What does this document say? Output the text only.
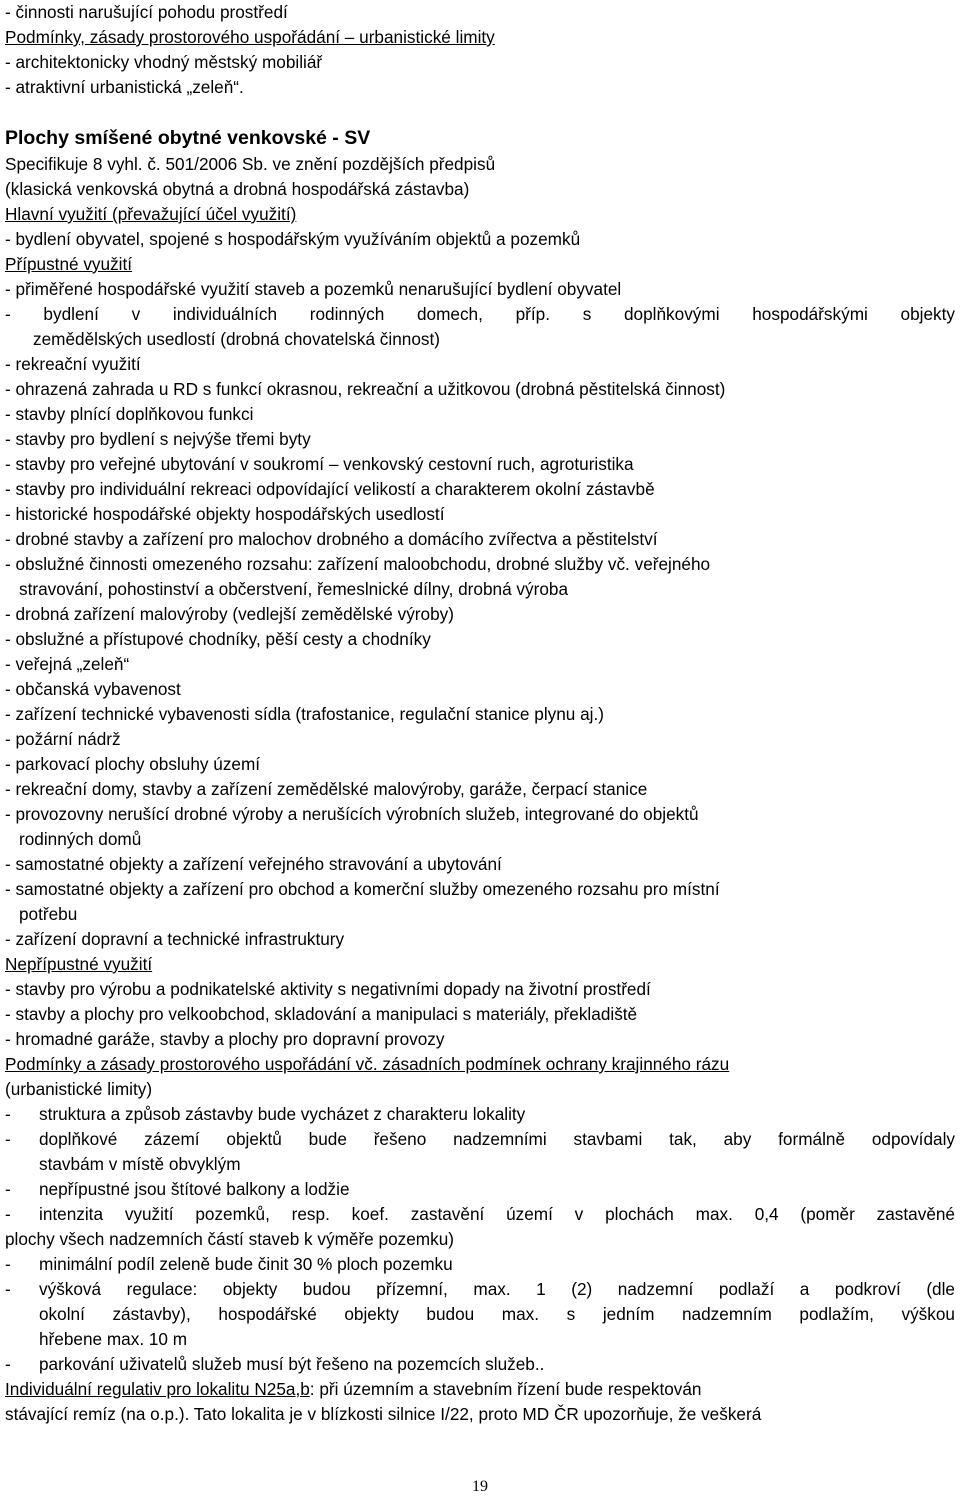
- činnosti narušující pohodu prostředí
Podmínky, zásady prostorového uspořádání – urbanistické limity
- architektonicky vhodný městský mobiliář
- atraktivní urbanistická „zeleň“.
Plochy smíšené obytné venkovské - SV
Specifikuje 8 vyhl. č. 501/2006 Sb. ve znění pozdějších předpisů
(klasická venkovská obytná a drobná hospodářská zástavba)
Hlavní využití (převažující účel využití)
- bydlení obyvatel, spojené s hospodářským využíváním objektů a pozemků
Přípustné využití
- přiměřené hospodářské využití staveb a pozemků nenarušující bydlení obyvatel
- bydlení v individuálních rodinných domech, příp. s doplňkovými hospodářskými objekty
zemědělských usedlostí (drobná chovatelská činnost)
- rekreační využití
- ohrazená zahrada u RD s funkcí okrasnou, rekreační a užitkovou (drobná pěstitelská činnost)
- stavby plnící doplňkovou funkci
- stavby pro bydlení s nejvýše třemi byty
- stavby pro veřejné ubytování v soukromí – venkovský cestovní ruch, agroturistika
- stavby pro individuální rekreaci odpovídající velikostí a charakterem okolní zástavbě
- historické hospodářské objekty hospodářských usedlostí
- drobné stavby a zařízení pro malochov drobného a domácího zvířectva a pěstitelství
- obslužné činnosti omezeného rozsahu: zařízení maloobchodu, drobné služby vč. veřejného
stravování, pohostinství a občerstvení, řemeslnické dílny, drobná výroba
- drobná zařízení malovýroby (vedlejší zemědělské výroby)
- obslužné a přístupové chodníky, pěší cesty a chodníky
- veřejná „zeleň“
- občanská vybavenost
- zařízení technické vybavenosti sídla (trafostanice, regulační stanice plynu aj.)
- požární nádrž
- parkovací plochy obsluhy území
- rekreační domy, stavby a zařízení zemědělské malovýroby, garáže, čerpací stanice
- provozovny nerušící drobné výroby a nerušících výrobních služeb, integrované do objektů
rodinných domů
- samostatné objekty a zařízení veřejného stravování a ubytování
- samostatné objekty a zařízení pro obchod a komerční služby omezeného rozsahu pro místní
potřebu
- zařízení dopravní a technické infrastruktury
Nepřípustné využití
- stavby pro výrobu a podnikatelské aktivity s negativními dopady na životní prostředí
- stavby a plochy pro velkoobchod, skladování a manipulaci s materiály, překladiště
- hromadné garáže, stavby a plochy pro dopravní provozy
Podmínky a zásady prostorového uspořádání vč. zásadních podmínek ochrany krajinného rázu
(urbanistické limity)
-	struktura a způsob zástavby bude vycházet z charakteru lokality
-	doplňkové zázemí objektů bude řešeno nadzemními stavbami tak, aby formálně odpovídaly
stavbám v místě obvyklým
-	nepřípustné jsou štítové balkony a lodžie
-	intenzita využití pozemků, resp. koef. zastavění území v plochách max. 0,4 (poměr zastavěné
plochy všech nadzemních částí staveb k výměře pozemku)
-	minimální podíl zeleně bude činit 30 % ploch pozemku
-	výšková regulace: objekty budou přízemní, max. 1 (2) nadzemní podlaží a podkroví (dle
okolní zástavby), hospodářské objekty budou max. s jedním nadzemním podlažím, výškou
hřebene max. 10 m
-	parkování uživatelů služeb musí být řešeno na pozemcích služeb..
Individuální regulativ pro lokalitu N25a,b: při územním a stavebním řízení bude respektován
stávající remíz (na o.p.). Tato lokalita je v blízkosti silnice I/22, proto MD ČR upozorňuje, že veškerá
19
